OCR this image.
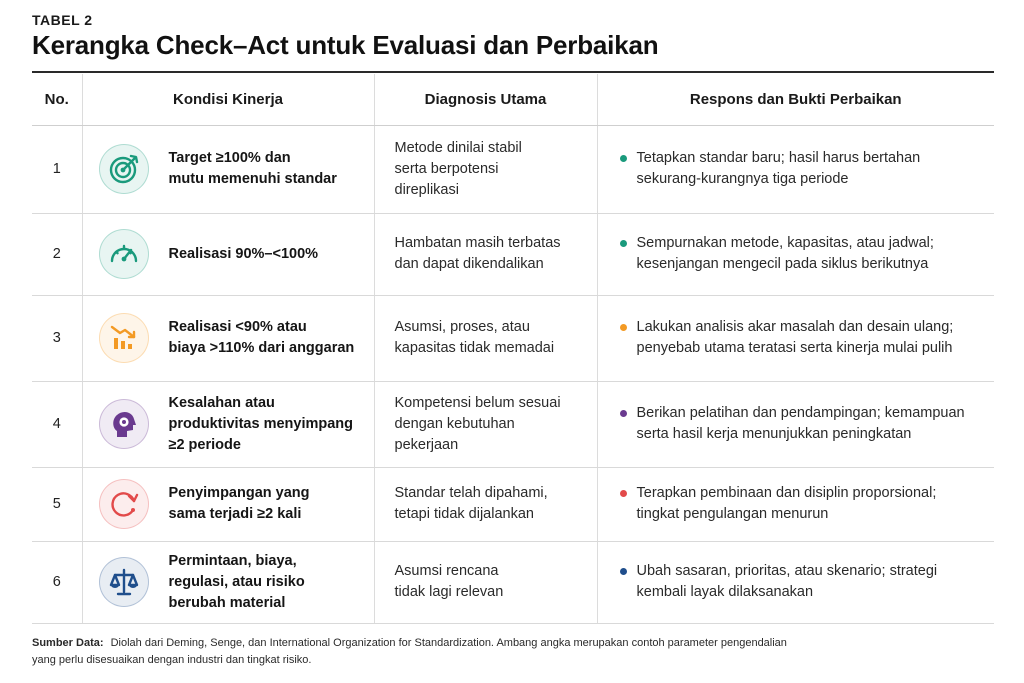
TABEL 2
Kerangka Check–Act untuk Evaluasi dan Perbaikan
No.	Kondisi Kinerja	Diagnosis Utama	Respons dan Bukti Perbaikan
1	Target ≥100% dan
mutu memenuhi standar	Metode dinilai stabil
serta berpotensi
direplikasi	Tetapkan standar baru; hasil harus bertahan
sekurang-kurangnya tiga periode

2	Realisasi 90%–<100%	Hambatan masih terbatas
dan dapat dikendalikan	Sempurnakan metode, kapasitas, atau jadwal;
kesenjangan mengecil pada siklus berikutnya

3	Realisasi <90% atau
biaya >110% dari anggaran	Asumsi, proses, atau
kapasitas tidak memadai	Lakukan analisis akar masalah dan desain ulang;
penyebab utama teratasi serta kinerja mulai pulih

4	Kesalahan atau
produktivitas menyimpang
≥2 periode	Kompetensi belum sesuai
dengan kebutuhan
pekerjaan	Berikan pelatihan dan pendampingan; kemampuan
serta hasil kerja menunjukkan peningkatan

5	Penyimpangan yang
sama terjadi ≥2 kali	Standar telah dipahami,
tetapi tidak dijalankan	Terapkan pembinaan dan disiplin proporsional;
tingkat pengulangan menurun

6	Permintaan, biaya,
regulasi, atau risiko
berubah material	Asumsi rencana
tidak lagi relevan	Ubah sasaran, prioritas, atau skenario; strategi
kembali layak dilaksanakan
Sumber Data: Diolah dari Deming, Senge, dan International Organization for Standardization. Ambang angka merupakan contoh parameter pengendalian yang perlu disesuaikan dengan industri dan tingkat risiko.
